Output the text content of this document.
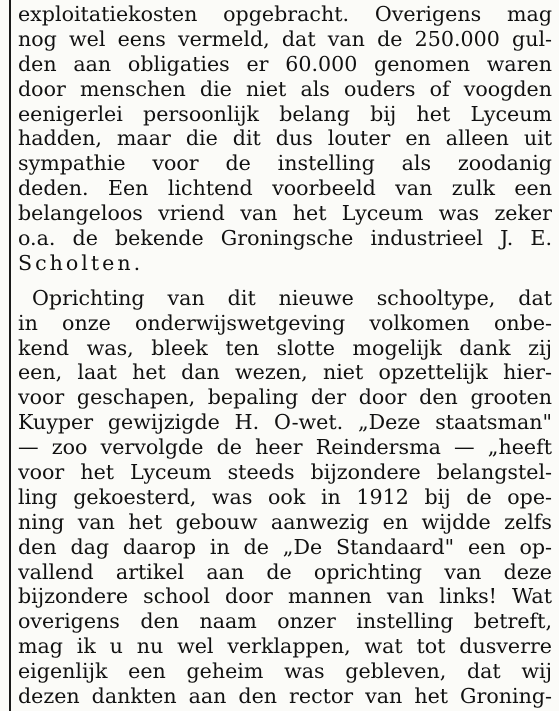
exploitatiekosten opgebracht. Overigens mag
nog wel eens vermeld, dat van de 250.000 gul-
den aan obligaties er 60.000 genomen waren
door menschen die niet als ouders of voogden
eenigerlei persoonlijk belang bij het Lyceum
hadden, maar die dit dus louter en alleen uit
sympathie voor de instelling als zoodanig
deden. Een lichtend voorbeeld van zulk een
belangeloos vriend van het Lyceum was zeker
o.a. de bekende Groningsche industrieel J. E.
Scholten.
Oprichting van dit nieuwe schooltype, dat
in onze onderwijswetgeving volkomen onbe-
kend was, bleek ten slotte mogelijk dank zij
een, laat het dan wezen, niet opzettelijk hier-
voor geschapen, bepaling der door den grooten
Kuyper gewijzigde H. O-wet. „Deze staatsman"
— zoo vervolgde de heer Reindersma — „heeft
voor het Lyceum steeds bijzondere belangstel-
ling gekoesterd, was ook in 1912 bij de ope-
ning van het gebouw aanwezig en wijdde zelfs
den dag daarop in de „De Standaard" een op-
vallend artikel aan de oprichting van deze
bijzondere school door mannen van links! Wat
overigens den naam onzer instelling betreft,
mag ik u nu wel verklappen, wat tot dusverre
eigenlijk een geheim was gebleven, dat wij
dezen dankten aan den rector van het Groning-
